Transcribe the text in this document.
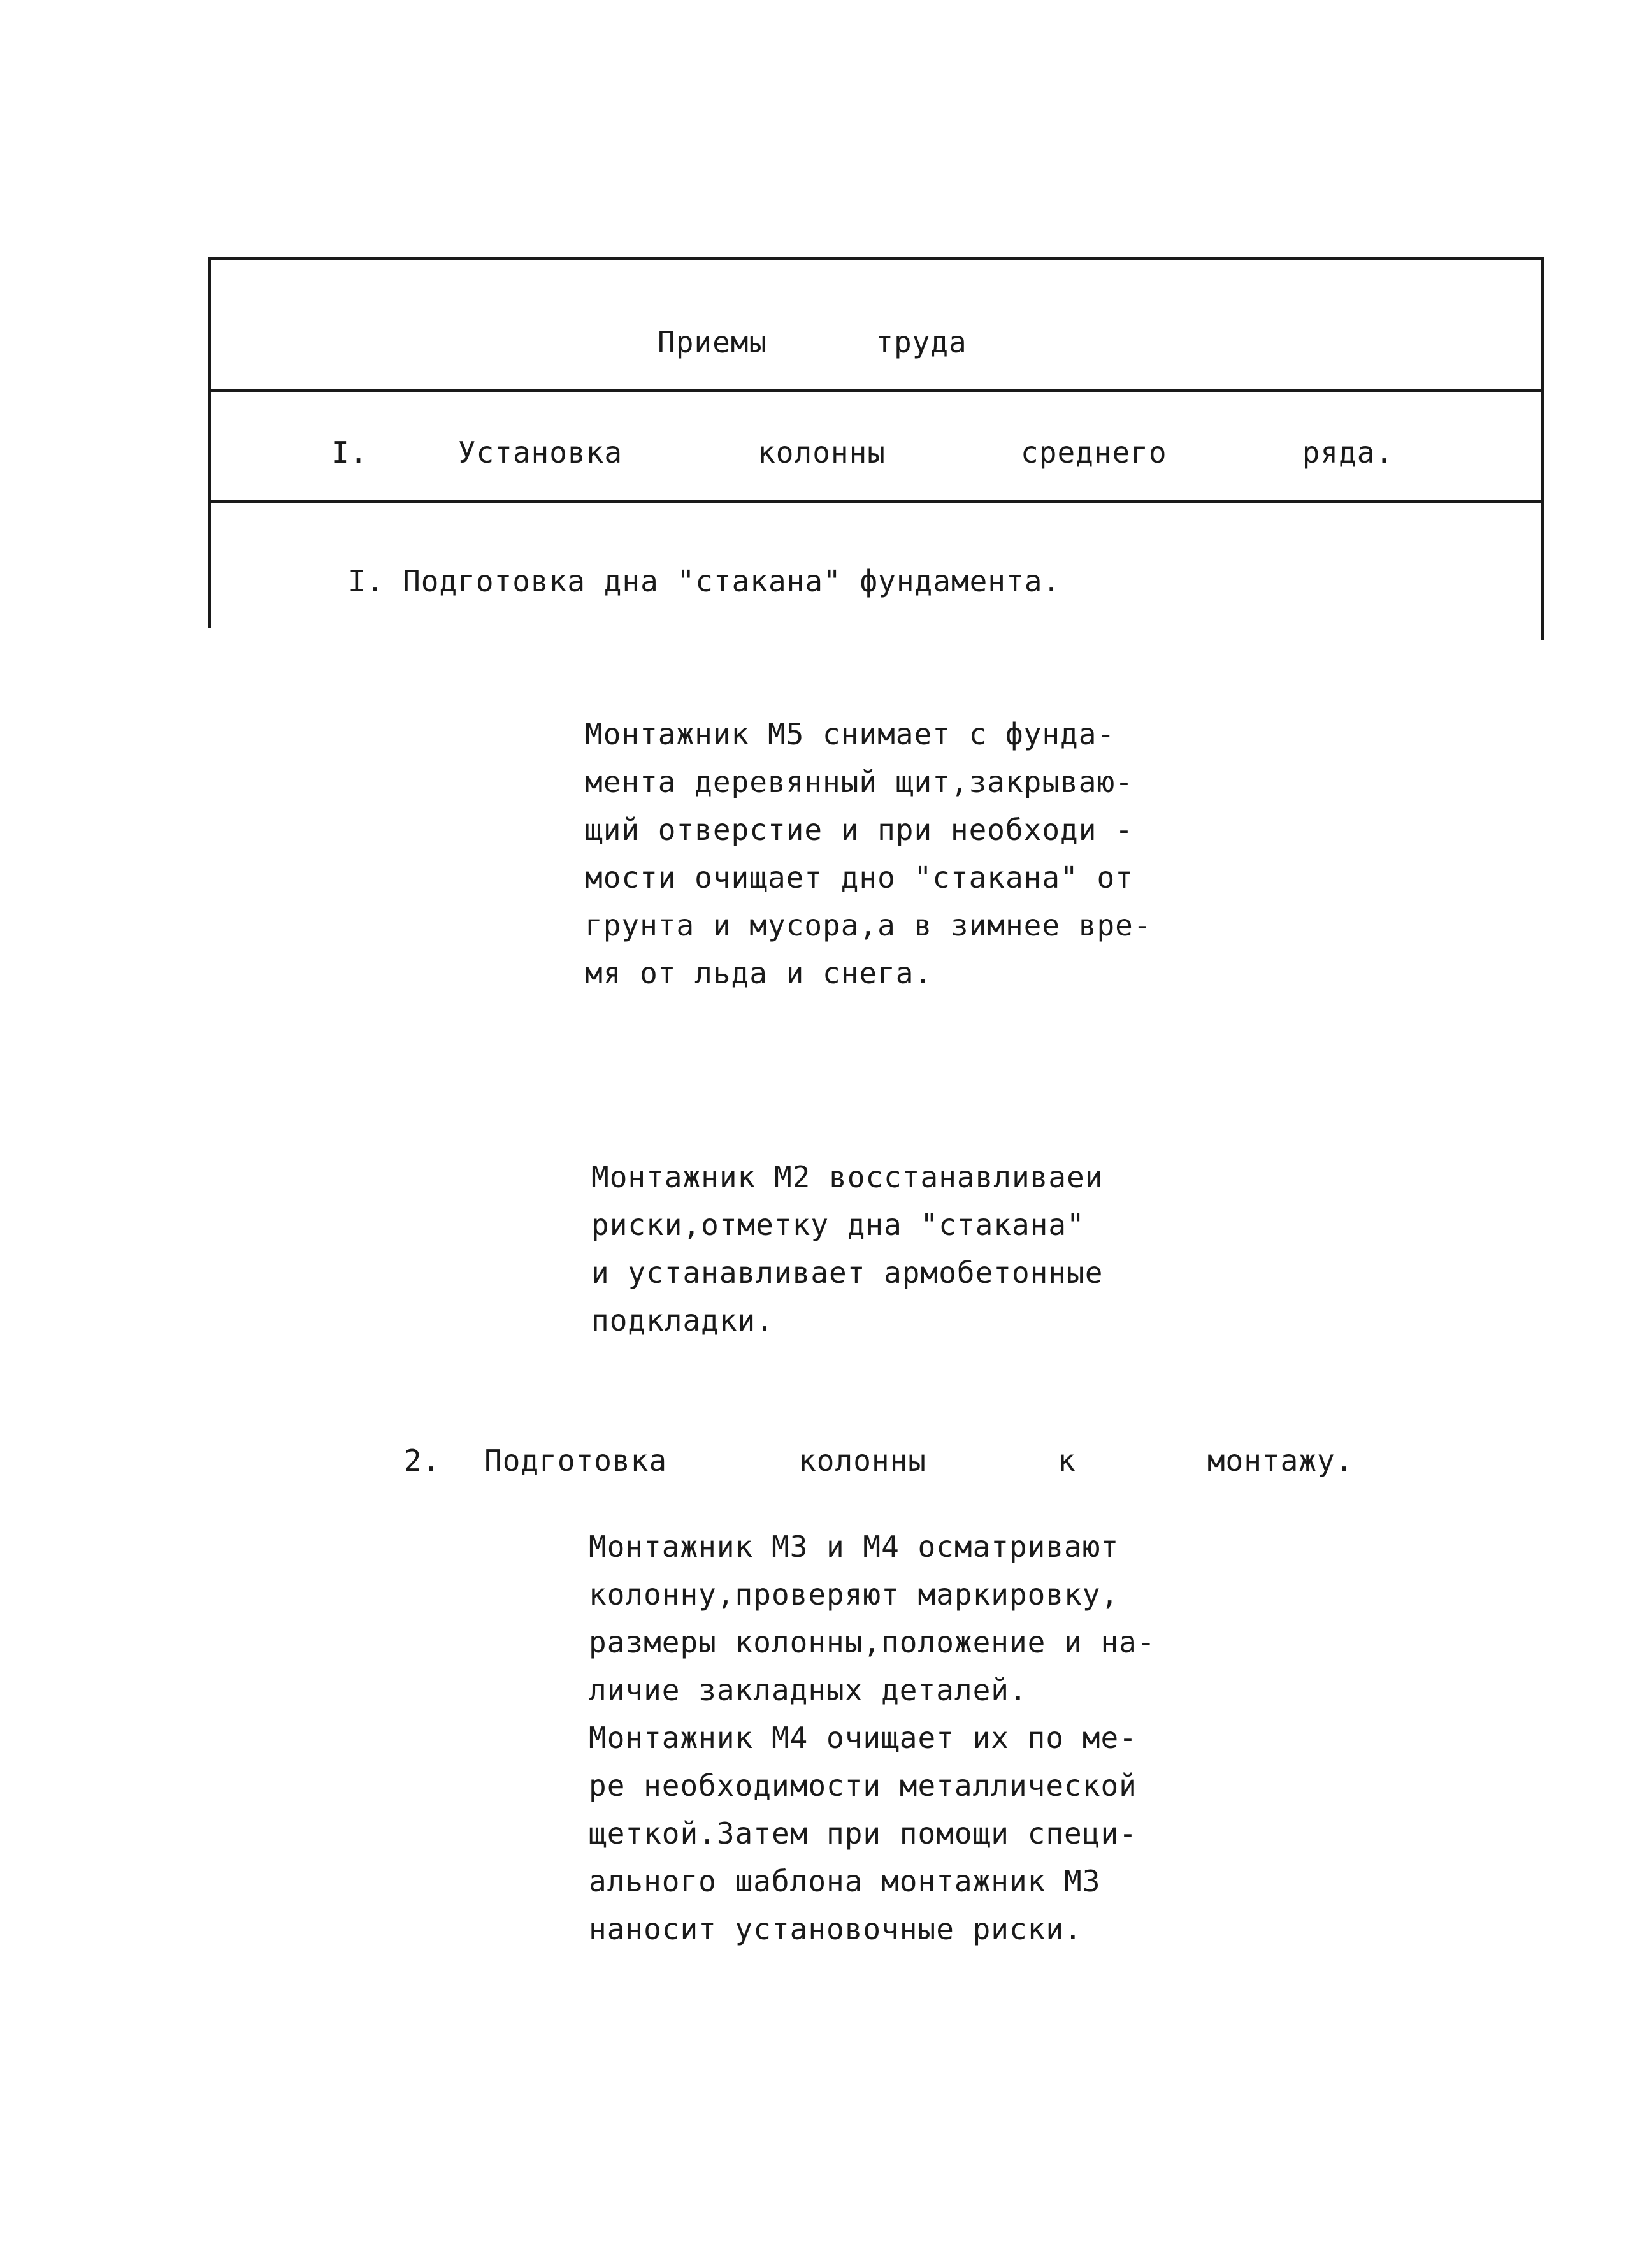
Приемы   труда
I.  Установка   колонны   среднего   ряда.
I. Подготовка дна "стакана" фундамента.
Монтажник М5 снимает с фунда-
мента деревянный щит,закрываю-
щий отверстие и при необходи -
мости очищает дно "стакана" от
грунта и мусора,а в зимнее вре-
мя от льда и снега.
Монтажник М2 восстанавливаеи
риски,отметку дна "стакана"
и устанавливает армобетонные
подкладки.
2. Подготовка   колонны   к   монтажу.
Монтажник М3 и М4 осматривают
колонну,проверяют маркировку,
размеры колонны,положение и на-
личие закладных деталей.
Монтажник М4 очищает их по ме-
ре необходимости металлической
щеткой.Затем при помощи специ-
ального шаблона монтажник М3
наносит установочные риски.
